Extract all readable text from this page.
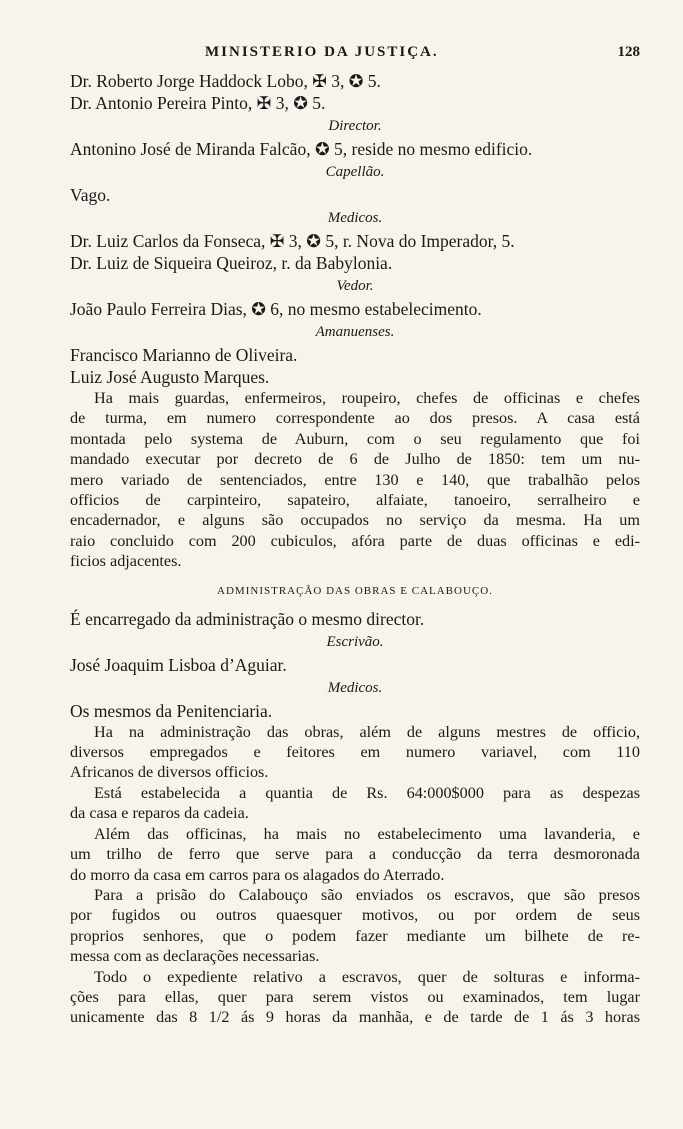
MINISTERIO DA JUSTIÇA.	128
Dr. Roberto Jorge Haddock Lobo, ✠ 3, ✪ 5.
Dr. Antonio Pereira Pinto, ✠ 3, ✪ 5.
Director.
Antonino José de Miranda Falcão, ✪ 5, reside no mesmo edificio.
Capellão.
Vago.
Medicos.
Dr. Luiz Carlos da Fonseca, ✠ 3, ✪ 5, r. Nova do Imperador, 5.
Dr. Luiz de Siqueira Queiroz, r. da Babylonia.
Vedor.
João Paulo Ferreira Dias, ✪ 6, no mesmo estabelecimento.
Amanuenses.
Francisco Marianno de Oliveira.
Luiz José Augusto Marques.
Ha mais guardas, enfermeiros, roupeiro, chefes de officinas e chefes
de turma, em numero correspondente ao dos presos. A casa está
montada pelo systema de Auburn, com o seu regulamento que foi
mandado executar por decreto de 6 de Julho de 1850: tem um nu-
mero variado de sentenciados, entre 130 e 140, que trabalhão pelos
officios de carpinteiro, sapateiro, alfaiate, tanoeiro, serralheiro e
encadernador, e alguns são occupados no serviço da mesma. Ha um
raio concluido com 200 cubiculos, afóra parte de duas officinas e edi-
ficios adjacentes.
ADMINISTRAÇÃO DAS OBRAS E CALABOUÇO.
É encarregado da administração o mesmo director.
Escrivão.
José Joaquim Lisboa d’Aguiar.
Medicos.
Os mesmos da Penitenciaria.
Ha na administração das obras, além de alguns mestres de officio,
diversos empregados e feitores em numero variavel, com 110
Africanos de diversos officios.
Está estabelecida a quantia de Rs. 64:000$000 para as despezas
da casa e reparos da cadeia.
Além das officinas, ha mais no estabelecimento uma lavanderia, e
um trilho de ferro que serve para a conducção da terra desmoronada
do morro da casa em carros para os alagados do Aterrado.
Para a prisão do Calabouço são enviados os escravos, que são presos
por fugidos ou outros quaesquer motivos, ou por ordem de seus
proprios senhores, que o podem fazer mediante um bilhete de re-
messa com as declarações necessarias.
Todo o expediente relativo a escravos, quer de solturas e informa-
ções para ellas, quer para serem vistos ou examinados, tem lugar
unicamente das 8 1/2 ás 9 horas da manhãa, e de tarde de 1 ás 3 horas
